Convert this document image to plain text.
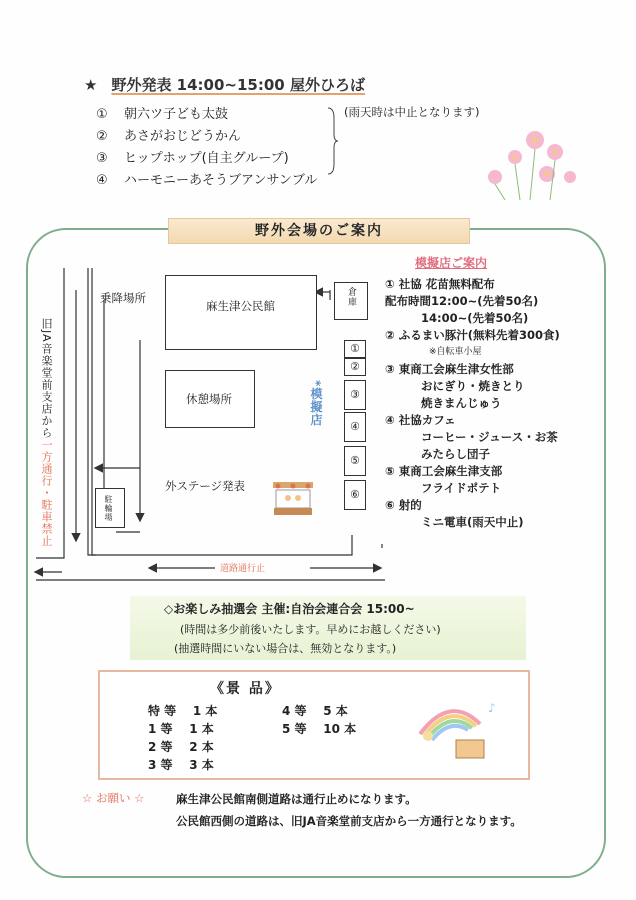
★ 野外発表 14:00~15:00 屋外ひろば
① 朝六ツ子ども太鼓
② あさがおじどうかん
③ ヒップホップ(自主グループ)
④ ハーモニーあそうブアンサンブル
(雨天時は中止となります)
野外会場のご案内
麻生津公民館	倉庫
休憩場所
駐輪場
①
②
③
④
⑤
⑥
乗降場所
*模擬店
外ステージ発表
道路通行止
旧JA音楽堂前支店から一方通行・駐車禁止
模擬店ご案内
① 社協 花苗無料配布
配布時間12:00~(先着50名)
14:00~(先着50名)
② ふるまい豚汁(無料先着300食)
※自転車小屋
③ 東商工会麻生津女性部
おにぎり・焼きとり
焼きまんじゅう
④ 社協カフェ
コーヒー・ジュース・お茶
みたらし団子
⑤ 東商工会麻生津支部
フライドポテト
⑥ 射的
ミニ電車(雨天中止)
◇お楽しみ抽選会 主催:自治会連合会 15:00~
(時間は多少前後いたします。早めにお越しください)
(抽選時間にいない場合は、無効となります。)
《景 品》
特 等 1 本
1 等 1 本
2 等 2 本
3 等 3 本
4 等 5 本
5 等 10 本
♪
☆ お願い ☆	麻生津公民館南側道路は通行止めになります。
公民館西側の道路は、旧JA音楽堂前支店から一方通行となります。
